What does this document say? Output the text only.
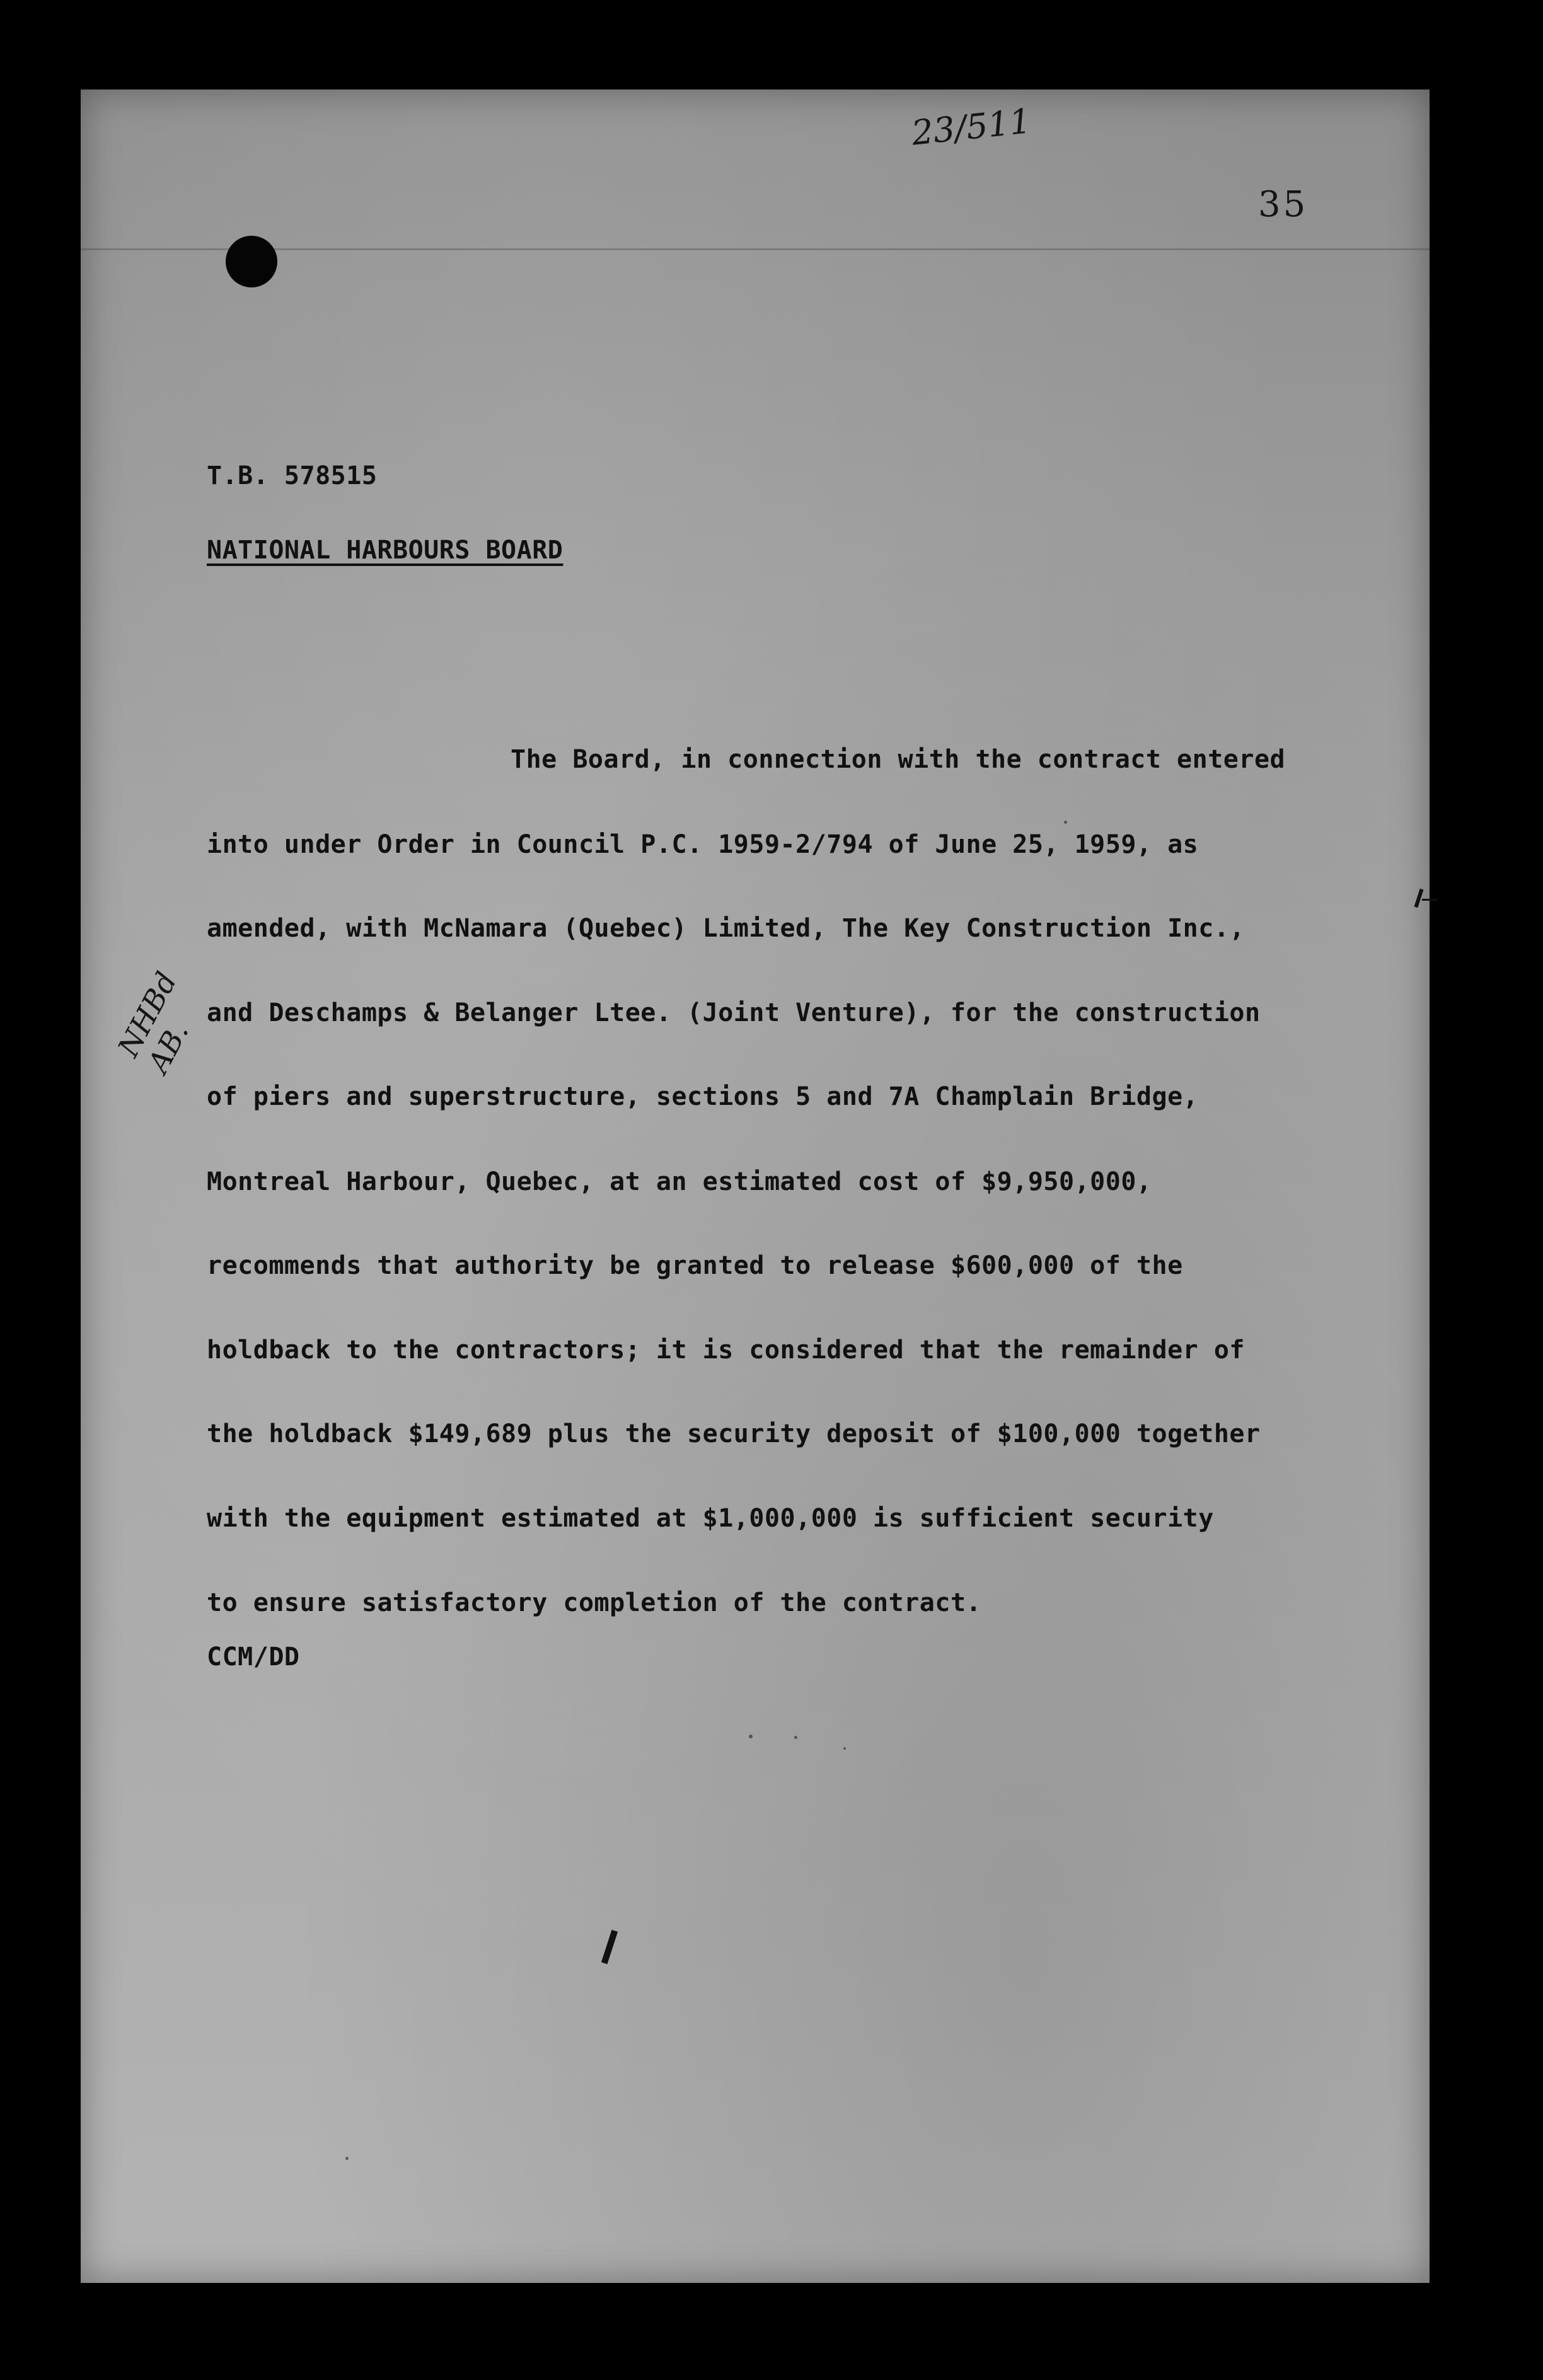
23/511
35
T.B. 578515
NATIONAL HARBOURS BOARD
The Board, in connection with the contract entered
into under Order in Council P.C. 1959-2/794 of June 25, 1959, as
amended, with McNamara (Quebec) Limited, The Key Construction Inc.,
and Deschamps & Belanger Ltee. (Joint Venture), for the construction
of piers and superstructure, sections 5 and 7A Champlain Bridge,
Montreal Harbour, Quebec, at an estimated cost of $9,950,000,
recommends that authority be granted to release $600,000 of the
holdback to the contractors; it is considered that the remainder of
the holdback $149,689 plus the security deposit of $100,000 together
with the equipment estimated at $1,000,000 is sufficient security
to ensure satisfactory completion of the contract.
CCM/DD
NHBd AB.
